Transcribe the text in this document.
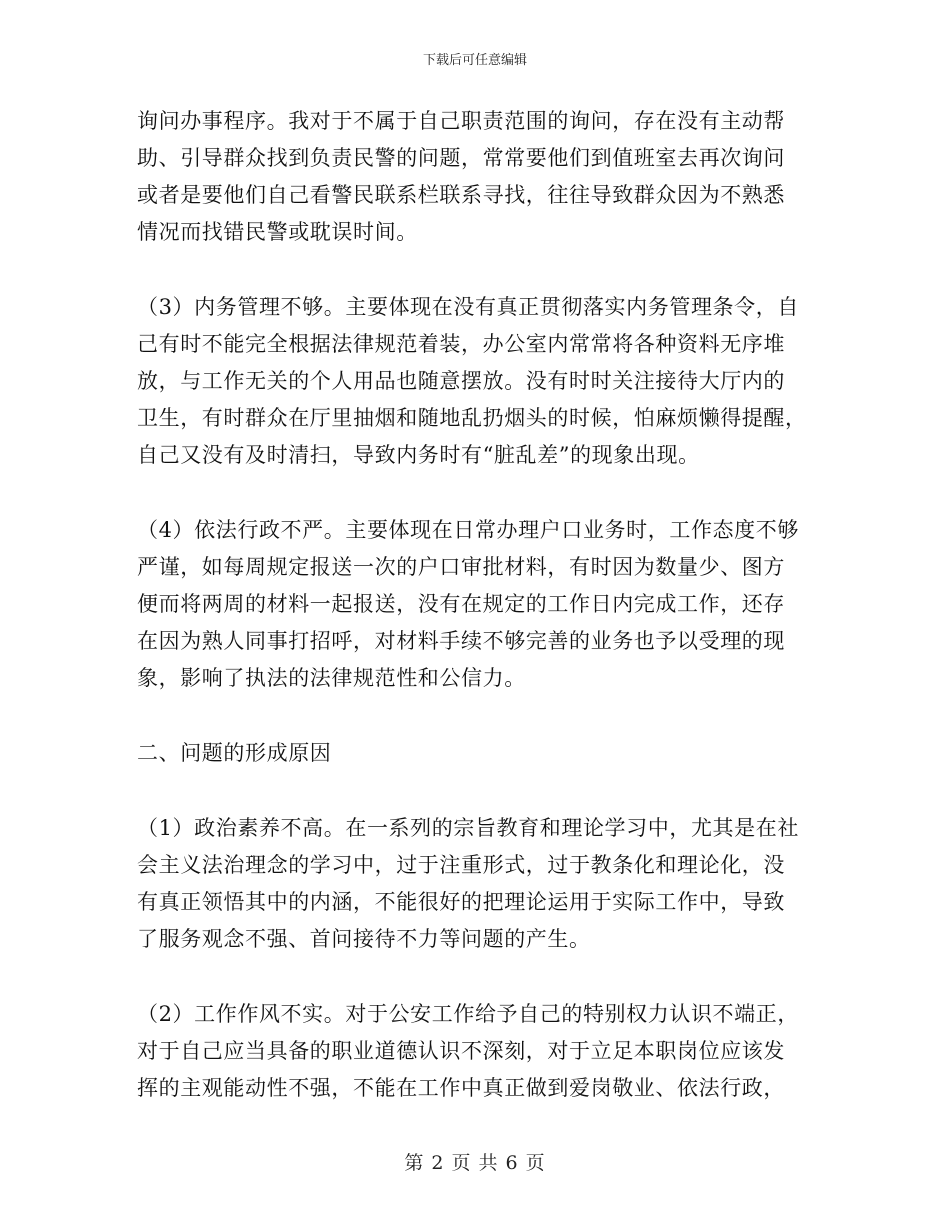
下载后可任意编辑

询问办事程序。我对于不属于自己职责范围的询问，存在没有主动帮
助、引导群众找到负责民警的问题，常常要他们到值班室去再次询问
或者是要他们自己看警民联系栏联系寻找，往往导致群众因为不熟悉
情况而找错民警或耽误时间。

（3）内务管理不够。主要体现在没有真正贯彻落实内务管理条令，自
己有时不能完全根据法律规范着装，办公室内常常将各种资料无序堆
放，与工作无关的个人用品也随意摆放。没有时时关注接待大厅内的
卫生，有时群众在厅里抽烟和随地乱扔烟头的时候，怕麻烦懒得提醒，
自己又没有及时清扫，导致内务时有“脏乱差”的现象出现。

（4）依法行政不严。主要体现在日常办理户口业务时，工作态度不够
严谨，如每周规定报送一次的户口审批材料，有时因为数量少、图方
便而将两周的材料一起报送，没有在规定的工作日内完成工作，还存
在因为熟人同事打招呼，对材料手续不够完善的业务也予以受理的现
象，影响了执法的法律规范性和公信力。

二、问题的形成原因

（1）政治素养不高。在一系列的宗旨教育和理论学习中，尤其是在社
会主义法治理念的学习中，过于注重形式，过于教条化和理论化，没
有真正领悟其中的内涵，不能很好的把理论运用于实际工作中，导致
了服务观念不强、首问接待不力等问题的产生。

（2）工作作风不实。对于公安工作给予自己的特别权力认识不端正，
对于自己应当具备的职业道德认识不深刻，对于立足本职岗位应该发
挥的主观能动性不强，不能在工作中真正做到爱岗敬业、依法行政，

第 2 页 共 6 页
